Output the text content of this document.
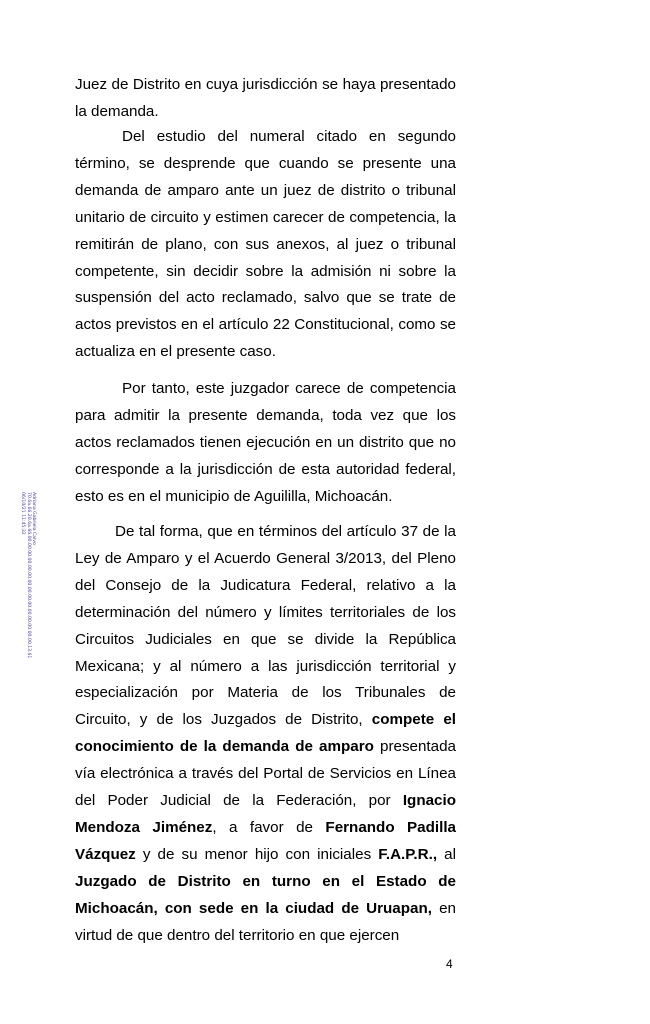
Juez de Distrito en cuya jurisdicción se haya presentado la demanda.

Del estudio del numeral citado en segundo término, se desprende que cuando se presente una demanda de amparo ante un juez de distrito o tribunal unitario de circuito y estimen carecer de competencia, la remitirán de plano, con sus anexos, al juez o tribunal competente, sin decidir sobre la admisión ni sobre la suspensión del acto reclamado, salvo que se trate de actos previstos en el artículo 22 Constitucional, como se actualiza en el presente caso.

Por tanto, este juzgador carece de competencia para admitir la presente demanda, toda vez que los actos reclamados tienen ejecución en un distrito que no corresponde a la jurisdicción de esta autoridad federal, esto es en el municipio de Aguililla, Michoacán.

De tal forma, que en términos del artículo 37 de la Ley de Amparo y el Acuerdo General 3/2013, del Pleno del Consejo de la Judicatura Federal, relativo a la determinación del número y límites territoriales de los Circuitos Judiciales en que se divide la República Mexicana; y al número a las jurisdicción territorial y especialización por Materia de los Tribunales de Circuito, y de los Juzgados de Distrito, compete el conocimiento de la demanda de amparo presentada vía electrónica a través del Portal de Servicios en Línea del Poder Judicial de la Federación, por Ignacio Mendoza Jiménez, a favor de Fernando Padilla Vázquez y de su menor hijo con iniciales F.A.P.R., al Juzgado de Distrito en turno en el Estado de Michoacán, con sede en la ciudad de Uruapan, en virtud de que dentro del territorio en que ejercen

Adriana Gabriela Calvo
70.6a.66.20.6a.66.00.00.00.00.00.00.00.00.00.00.00.00.00.00.00.13.61
06/10/21 11:45:32
4
